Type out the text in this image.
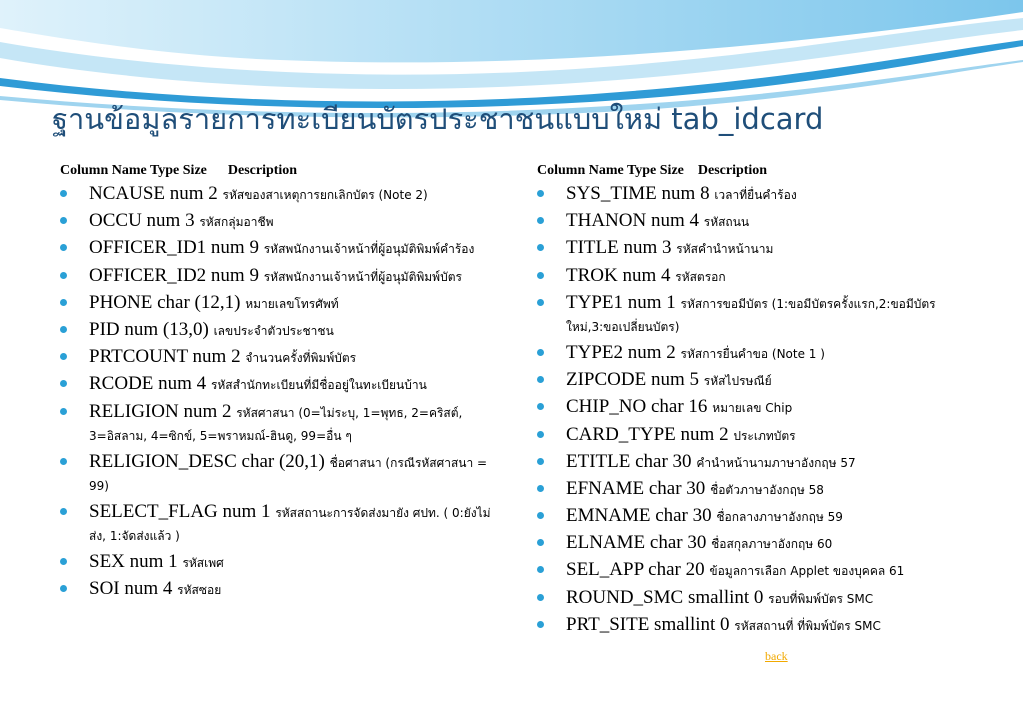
ฐานข้อมูลรายการทะเบียนบัตรประชาชนแบบใหม่ tab_idcard
Column Name Type Size      Description
NCAUSE num 2 รหัสของสาเหตุการยกเลิกบัตร (Note 2)
OCCU num 3 รหัสกลุ่มอาชีพ
OFFICER_ID1 num 9 รหัสพนักงานเจ้าหน้าที่ผู้อนุมัติพิมพ์คำร้อง
OFFICER_ID2 num 9 รหัสพนักงานเจ้าหน้าที่ผู้อนุมัติพิมพ์บัตร
PHONE char (12,1) หมายเลขโทรศัพท์
PID num (13,0) เลขประจำตัวประชาชน
PRTCOUNT num 2 จำนวนครั้งที่พิมพ์บัตร
RCODE num 4 รหัสสำนักทะเบียนที่มีชื่ออยู่ในทะเบียนบ้าน
RELIGION num 2 รหัสศาสนา (0=ไม่ระบุ, 1=พุทธ, 2=คริสต์, 3=อิสลาม, 4=ซิกข์, 5=พราหมณ์-ฮินดู, 99=อื่น ๆ
RELIGION_DESC char (20,1) ชื่อศาสนา (กรณีรหัสศาสนา = 99)
SELECT_FLAG num 1 รหัสสถานะการจัดส่งมายัง ศปท. ( 0:ยังไม่ส่ง, 1:จัดส่งแล้ว )
SEX num 1 รหัสเพศ
SOI num 4 รหัสซอย
Column Name Type Size    Description
SYS_TIME num 8 เวลาที่ยื่นคำร้อง
THANON num 4 รหัสถนน
TITLE num 3 รหัสคำนำหน้านาม
TROK num 4 รหัสตรอก
TYPE1 num 1 รหัสการขอมีบัตร (1:ขอมีบัตรครั้งแรก,2:ขอมีบัตรใหม่,3:ขอเปลี่ยนบัตร)
TYPE2 num 2 รหัสการยื่นคำขอ (Note 1 )
ZIPCODE num 5 รหัสไปรษณีย์
CHIP_NO char 16 หมายเลข Chip
CARD_TYPE num 2 ประเภทบัตร
ETITLE char 30 คำนำหน้านามภาษาอังกฤษ 57
EFNAME char 30 ชื่อตัวภาษาอังกฤษ 58
EMNAME char 30 ชื่อกลางภาษาอังกฤษ 59
ELNAME char 30 ชื่อสกุลภาษาอังกฤษ 60
SEL_APP char 20 ข้อมูลการเลือก Applet ของบุคคล 61
ROUND_SMC smallint 0 รอบที่พิมพ์บัตร SMC
PRT_SITE smallint 0 รหัสสถานที่ ที่พิมพ์บัตร SMC
back
